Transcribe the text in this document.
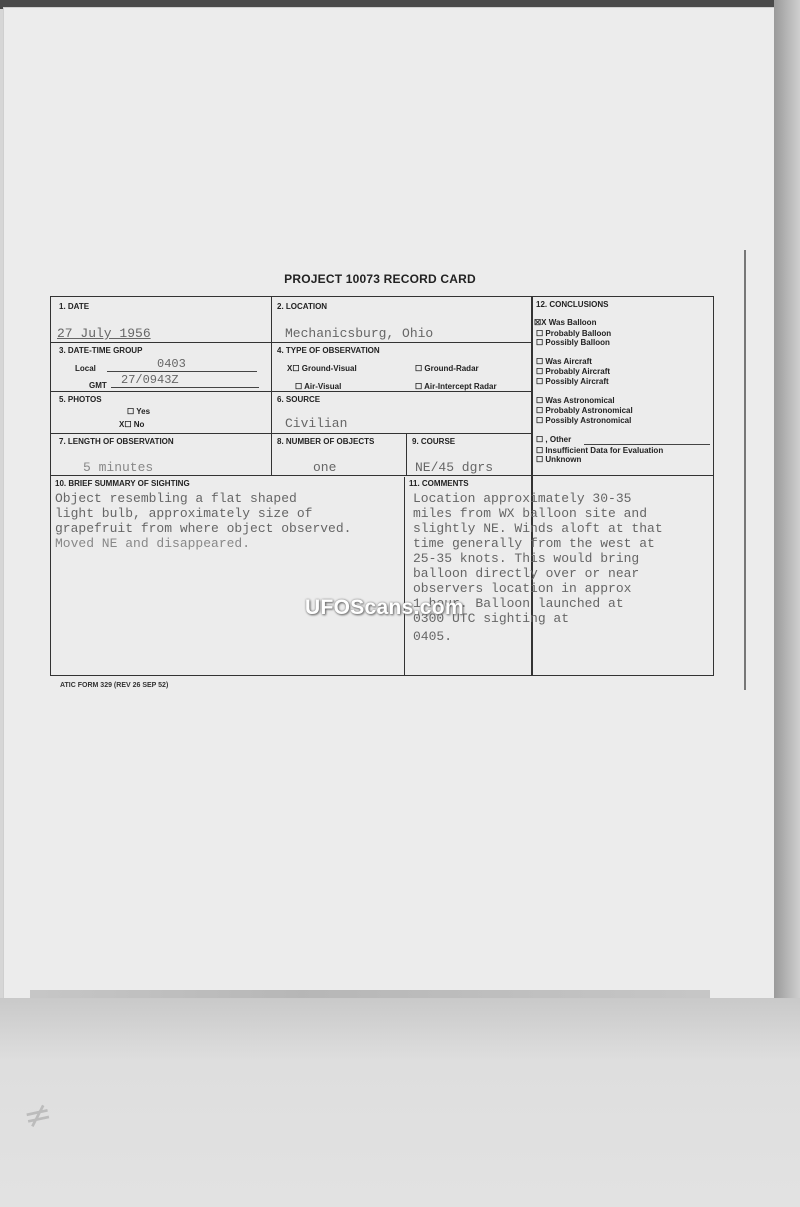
≠
PROJECT 10073 RECORD CARD
1. DATE
27 July 1956
2. LOCATION
Mechanicsburg, Ohio
3. DATE-TIME GROUP
Local	0403
GMT 27/0943Z
4. TYPE OF OBSERVATION
X☐ Ground-Visual	☐ Ground-Radar
☐ Air-Visual	☐ Air-Intercept Radar
5. PHOTOS
☐ Yes
X☐ No
6. SOURCE
Civilian
7. LENGTH OF OBSERVATION
5 minutes
8. NUMBER OF OBJECTS
one
9. COURSE
NE/45 dgrs
10. BRIEF SUMMARY OF SIGHTING
Object resembling a flat shaped
light bulb, approximately size of
grapefruit from where object observed.
Moved NE and disappeared.
11. COMMENTS
Location approximately 30-35
miles from WX balloon site and
slightly NE. Winds aloft at that
time generally from the west at
25-35 knots. This would bring
balloon directly over or near
observers location in approx
1 hour. Balloon launched at
0300 UTC sighting at
0405.
12. CONCLUSIONS
☒X Was Balloon
☐ Probably Balloon
☐ Possibly Balloon
☐ Was Aircraft
☐ Probably Aircraft
☐ Possibly Aircraft
☐ Was Astronomical
☐ Probably Astronomical
☐ Possibly Astronomical
☐ , Other
☐ Insufficient Data for Evaluation
☐ Unknown
UFOScans.com
ATIC FORM 329 (REV 26 SEP 52)
